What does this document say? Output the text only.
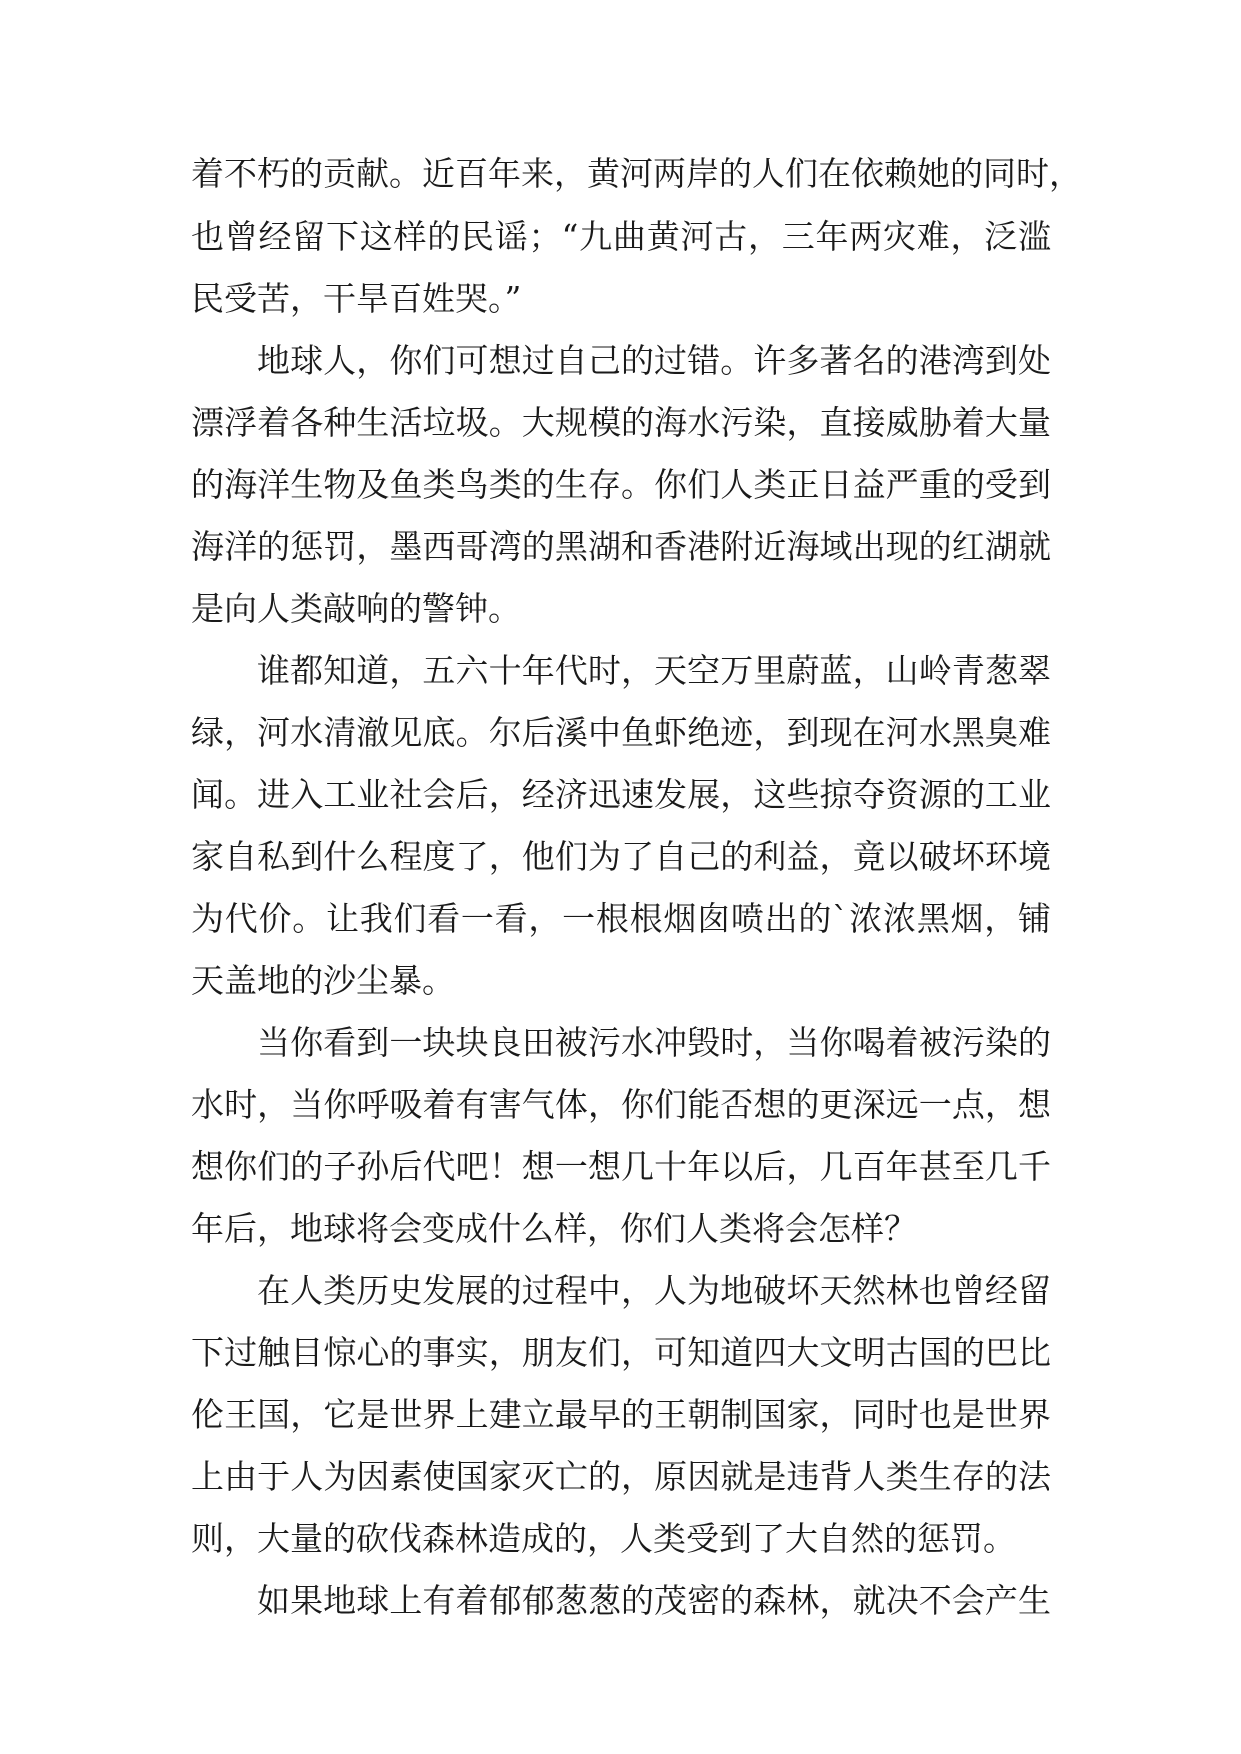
着不朽的贡献。近百年来，黄河两岸的人们在依赖她的同时，
也曾经留下这样的民谣；“九曲黄河古，三年两灾难，泛滥
民受苦，干旱百姓哭。”
地球人，你们可想过自己的过错。许多著名的港湾到处
漂浮着各种生活垃圾。大规模的海水污染，直接威胁着大量
的海洋生物及鱼类鸟类的生存。你们人类正日益严重的受到
海洋的惩罚，墨西哥湾的黑湖和香港附近海域出现的红湖就
是向人类敲响的警钟。
谁都知道，五六十年代时，天空万里蔚蓝，山岭青葱翠
绿，河水清澈见底。尔后溪中鱼虾绝迹，到现在河水黑臭难
闻。进入工业社会后，经济迅速发展，这些掠夺资源的工业
家自私到什么程度了，他们为了自己的利益，竟以破坏环境
为代价。让我们看一看，一根根烟囱喷出的`浓浓黑烟，铺
天盖地的沙尘暴。
当你看到一块块良田被污水冲毁时，当你喝着被污染的
水时，当你呼吸着有害气体，你们能否想的更深远一点，想
想你们的子孙后代吧！想一想几十年以后，几百年甚至几千
年后，地球将会变成什么样，你们人类将会怎样？
在人类历史发展的过程中，人为地破坏天然林也曾经留
下过触目惊心的事实，朋友们，可知道四大文明古国的巴比
伦王国，它是世界上建立最早的王朝制国家，同时也是世界
上由于人为因素使国家灭亡的，原因就是违背人类生存的法
则，大量的砍伐森林造成的，人类受到了大自然的惩罚。
如果地球上有着郁郁葱葱的茂密的森林，就决不会产生
